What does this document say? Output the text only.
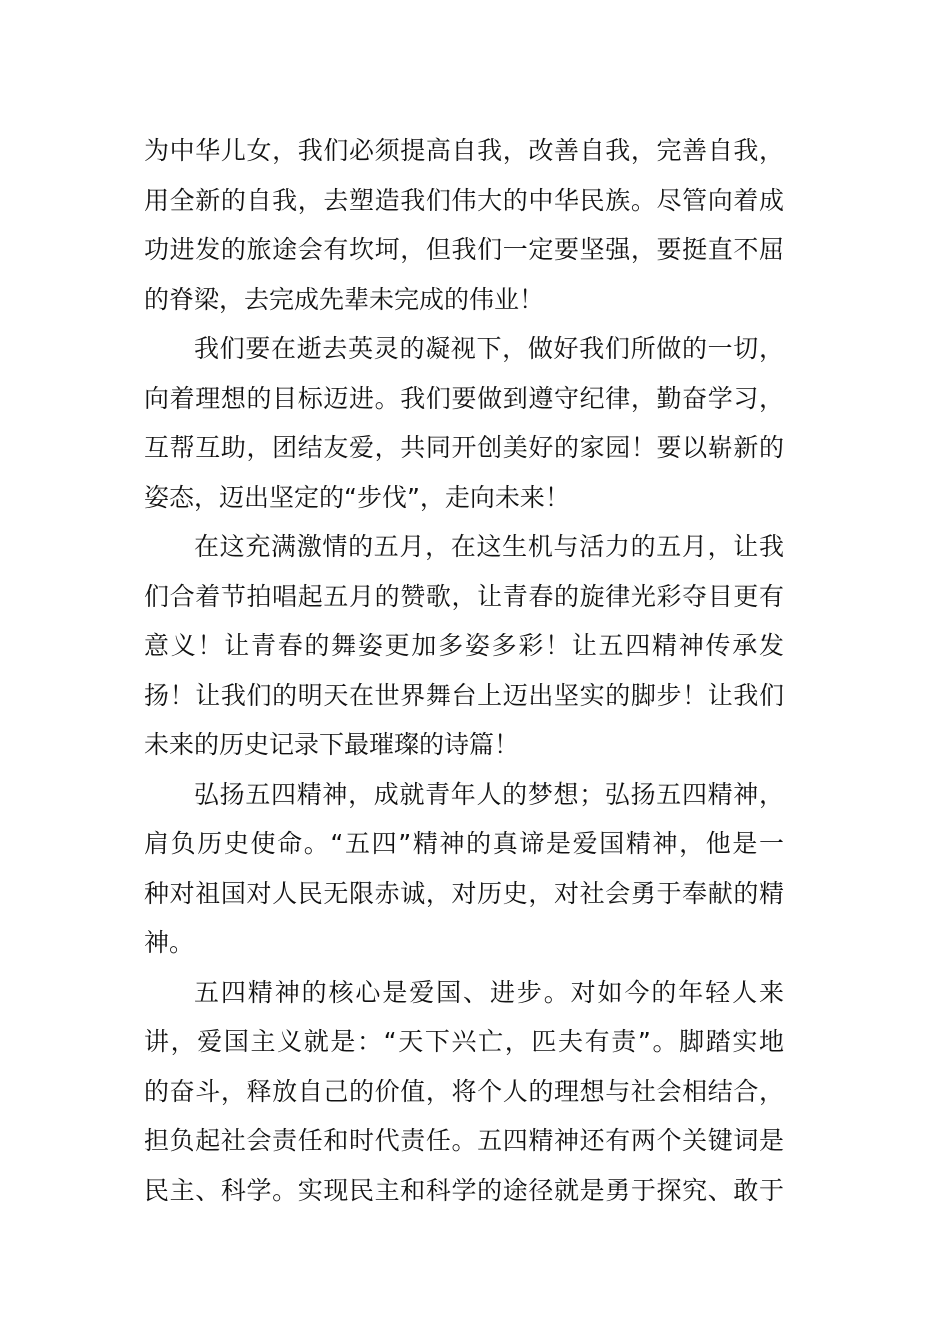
为中华儿女，我们必须提高自我，改善自我，完善自我，
用全新的自我，去塑造我们伟大的中华民族。尽管向着成
功进发的旅途会有坎坷，但我们一定要坚强，要挺直不屈
的脊梁，去完成先辈未完成的伟业！
我们要在逝去英灵的凝视下，做好我们所做的一切，
向着理想的目标迈进。我们要做到遵守纪律，勤奋学习，
互帮互助，团结友爱，共同开创美好的家园！要以崭新的
姿态，迈出坚定的“步伐”，走向未来！
在这充满激情的五月，在这生机与活力的五月，让我
们合着节拍唱起五月的赞歌，让青春的旋律光彩夺目更有
意义！让青春的舞姿更加多姿多彩！让五四精神传承发
扬！让我们的明天在世界舞台上迈出坚实的脚步！让我们
未来的历史记录下最璀璨的诗篇！
弘扬五四精神，成就青年人的梦想；弘扬五四精神，
肩负历史使命。“五四”精神的真谛是爱国精神，他是一
种对祖国对人民无限赤诚，对历史，对社会勇于奉献的精
神。
五四精神的核心是爱国、进步。对如今的年轻人来
讲，爱国主义就是：“天下兴亡，匹夫有责”。脚踏实地
的奋斗，释放自己的价值，将个人的理想与社会相结合，
担负起社会责任和时代责任。五四精神还有两个关键词是
民主、科学。实现民主和科学的途径就是勇于探究、敢于
